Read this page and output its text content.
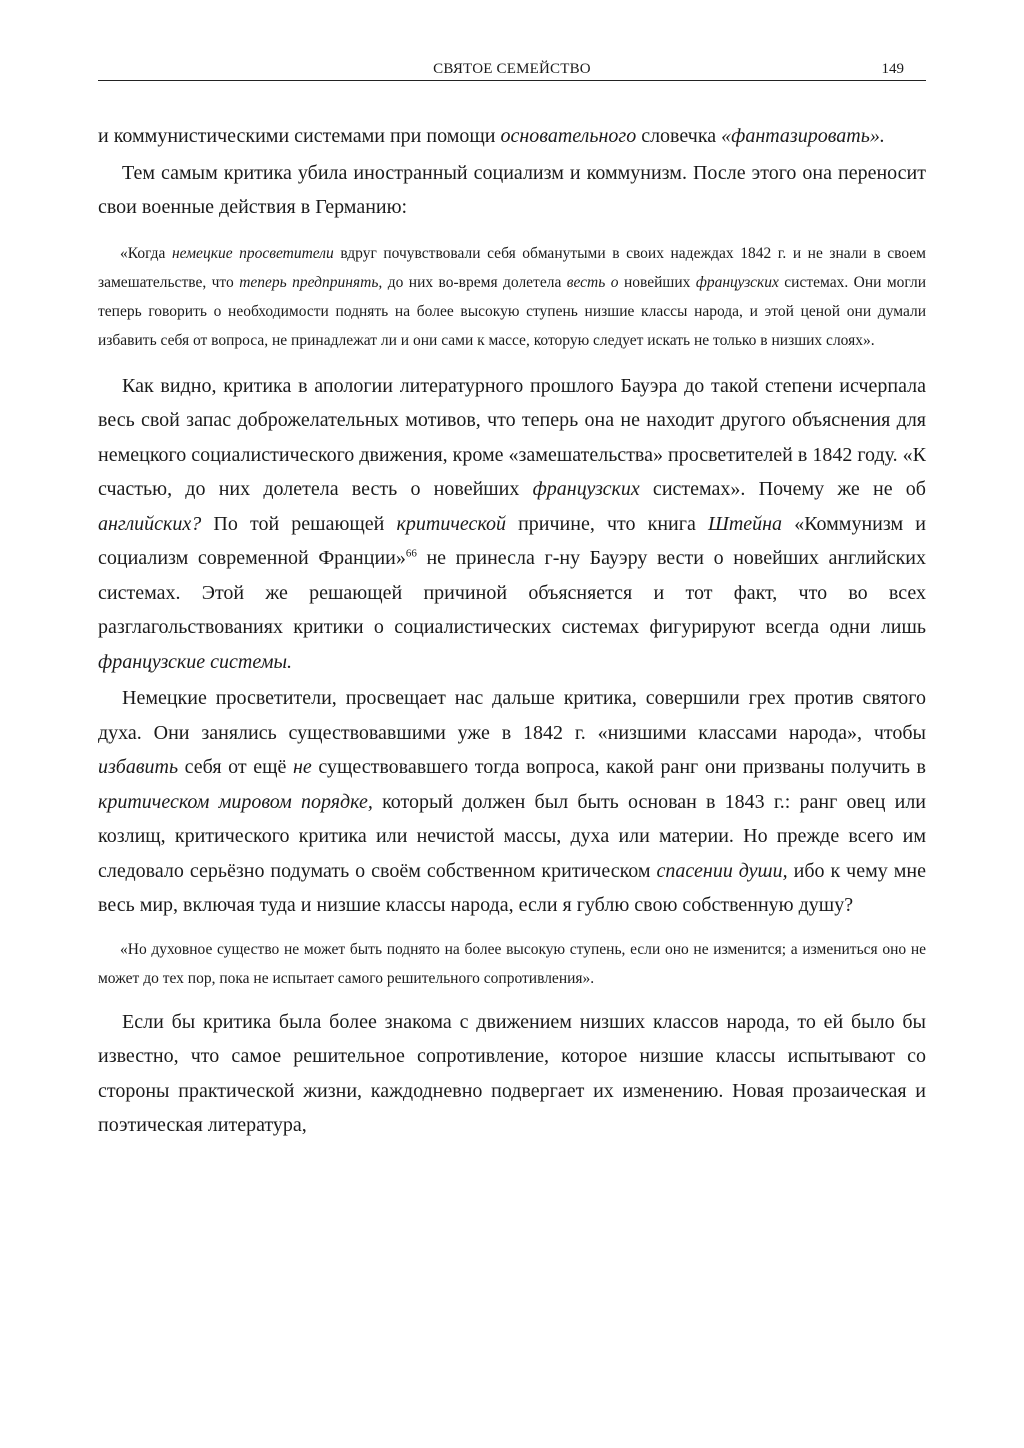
СВЯТОЕ СЕМЕЙСТВО	149

и коммунистическими системами при помощи основательного словечка «фантазировать».

Тем самым критика убила иностранный социализм и коммунизм. После этого она переносит свои военные действия в Германию:

«Когда немецкие просветители вдруг почувствовали себя обманутыми в своих надеждах 1842 г. и не знали в своем замешательстве, что теперь предпринять, до них во-время долетела весть о новейших французских системах. Они могли теперь говорить о необходимости поднять на более высокую ступень низшие классы народа, и этой ценой они думали избавить себя от вопроса, не принадлежат ли и они сами к массе, которую следует искать не только в низших слоях».

Как видно, критика в апологии литературного прошлого Бауэра до такой степени исчерпала весь свой запас доброжелательных мотивов, что теперь она не находит другого объяснения для немецкого социалистического движения, кроме «замешательства» просветителей в 1842 году. «К счастью, до них долетела весть о новейших французских системах». Почему же не об английских? По той решающей критической причине, что книга Штейна «Коммунизм и социализм современной Франции»$^{66}$ не принесла г-ну Бауэру вести о новейших английских системах. Этой же решающей причиной объясняется и тот факт, что во всех разглагольствованиях критики о социалистических системах фигурируют всегда одни лишь французские системы.

Немецкие просветители, просвещает нас дальше критика, совершили грех против святого духа. Они занялись существовавшими уже в 1842 г. «низшими классами народа», чтобы избавить себя от ещё не существовавшего тогда вопроса, какой ранг они призваны получить в критическом мировом порядке, который должен был быть основан в 1843 г.: ранг овец или козлищ, критического критика или нечистой массы, духа или материи. Но прежде всего им следовало серьёзно подумать о своём собственном критическом спасении души, ибо к чему мне весь мир, включая туда и низшие классы народа, если я гублю свою собственную душу?

«Но духовное существо не может быть поднято на более высокую ступень, если оно не изменится; а измениться оно не может до тех пор, пока не испытает самого решительного сопротивления».

Если бы критика была более знакома с движением низших классов народа, то ей было бы известно, что самое решительное сопротивление, которое низшие классы испытывают со стороны практической жизни, каждодневно подвергает их изменению. Новая прозаическая и поэтическая литература,
